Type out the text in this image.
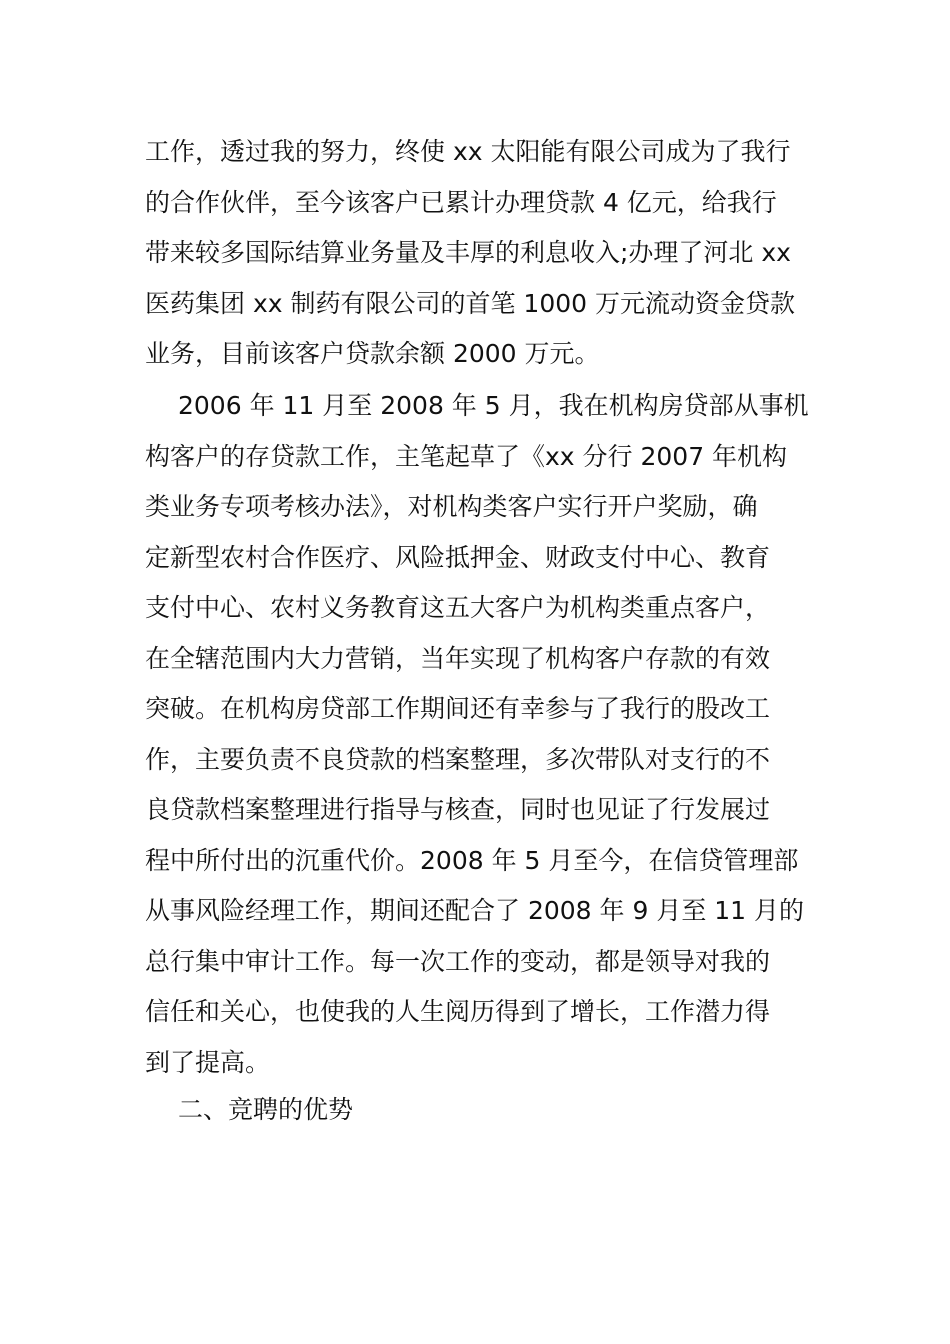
工作，透过我的努力，终使 xx 太阳能有限公司成为了我行
的合作伙伴，至今该客户已累计办理贷款 4 亿元，给我行
带来较多国际结算业务量及丰厚的利息收入;办理了河北 xx
医药集团 xx 制药有限公司的首笔 1000 万元流动资金贷款
业务，目前该客户贷款余额 2000 万元。
2006 年 11 月至 2008 年 5 月，我在机构房贷部从事机
构客户的存贷款工作，主笔起草了《xx 分行 2007 年机构
类业务专项考核办法》，对机构类客户实行开户奖励，确
定新型农村合作医疗、风险抵押金、财政支付中心、教育
支付中心、农村义务教育这五大客户为机构类重点客户，
在全辖范围内大力营销，当年实现了机构客户存款的有效
突破。在机构房贷部工作期间还有幸参与了我行的股改工
作，主要负责不良贷款的档案整理，多次带队对支行的不
良贷款档案整理进行指导与核查，同时也见证了行发展过
程中所付出的沉重代价。2008 年 5 月至今，在信贷管理部
从事风险经理工作，期间还配合了 2008 年 9 月至 11 月的
总行集中审计工作。每一次工作的变动，都是领导对我的
信任和关心，也使我的人生阅历得到了增长，工作潜力得
到了提高。
二、竞聘的优势
